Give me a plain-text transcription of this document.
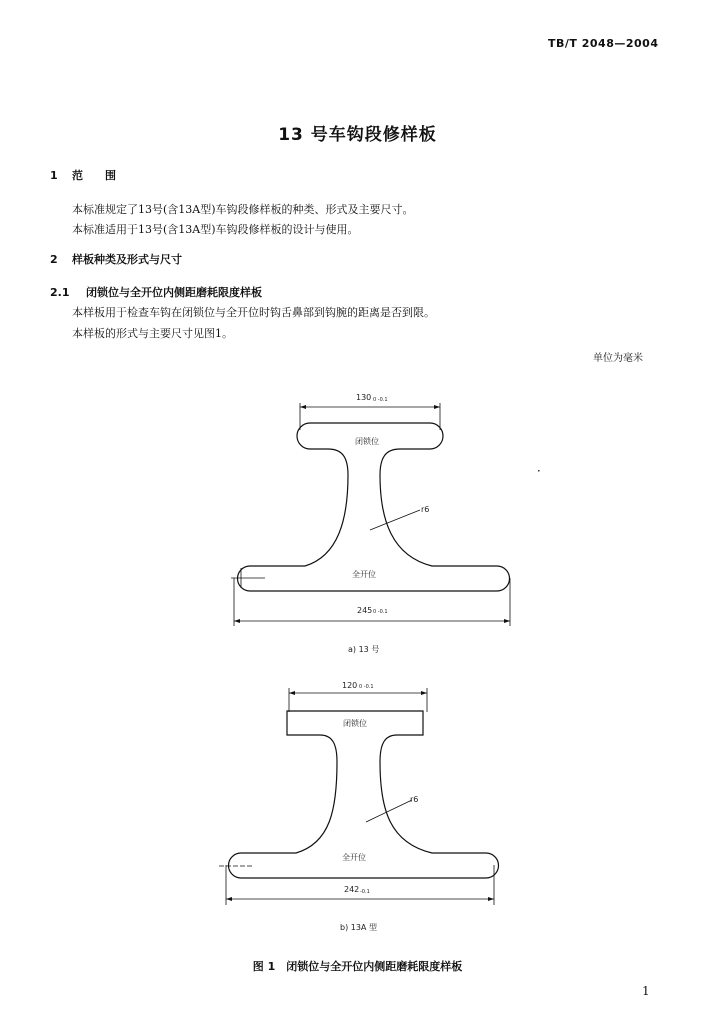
TB/T 2048—2004
13 号车钩段修样板
1 范　　围
本标准规定了13号(含13A型)车钩段修样板的种类、形式及主要尺寸。
本标准适用于13号(含13A型)车钩段修样板的设计与使用。
2 样板种类及形式与尺寸
2.1 闭锁位与全开位内侧距磨耗限度样板
本样板用于检查车钩在闭锁位与全开位时钩舌鼻部到钩腕的距离是否到限。
本样板的形式与主要尺寸见图1。
单位为毫米
130 0 -0.1
闭锁位
r6
全开位
245 0 -0.1
a) 13 号
120 0 -0.1
闭锁位
r6
全开位
242 -0.1
b) 13A 型
图 1　闭锁位与全开位内侧距磨耗限度样板
1
